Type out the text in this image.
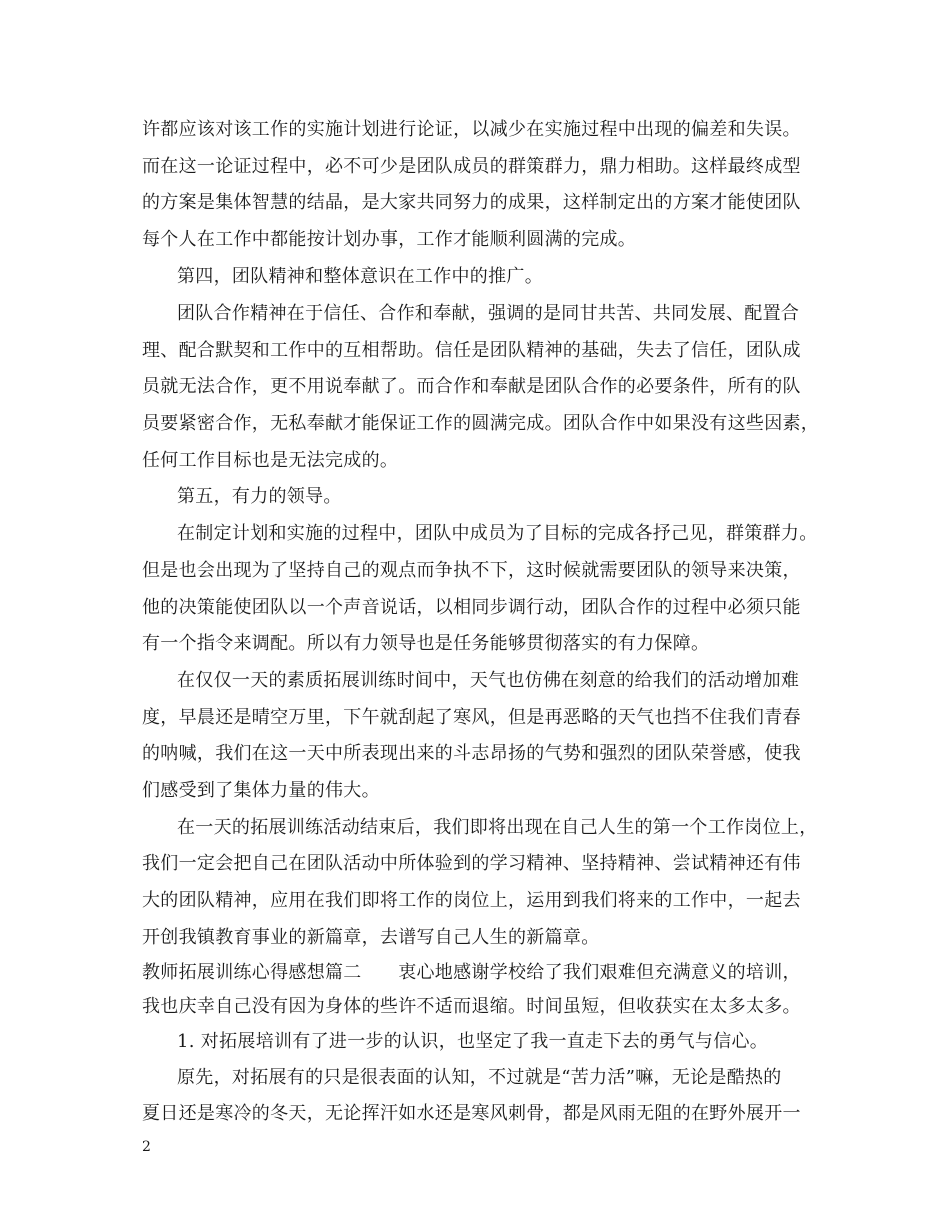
许都应该对该工作的实施计划进行论证，以减少在实施过程中出现的偏差和失误。
而在这一论证过程中，必不可少是团队成员的群策群力，鼎力相助。这样最终成型
的方案是集体智慧的结晶，是大家共同努力的成果，这样制定出的方案才能使团队
每个人在工作中都能按计划办事，工作才能顺利圆满的完成。
第四，团队精神和整体意识在工作中的推广。
团队合作精神在于信任、合作和奉献，强调的是同甘共苦、共同发展、配置合
理、配合默契和工作中的互相帮助。信任是团队精神的基础，失去了信任，团队成
员就无法合作，更不用说奉献了。而合作和奉献是团队合作的必要条件，所有的队
员要紧密合作，无私奉献才能保证工作的圆满完成。团队合作中如果没有这些因素，
任何工作目标也是无法完成的。
第五，有力的领导。
在制定计划和实施的过程中，团队中成员为了目标的完成各抒己见，群策群力。
但是也会出现为了坚持自己的观点而争执不下，这时候就需要团队的领导来决策，
他的决策能使团队以一个声音说话，以相同步调行动，团队合作的过程中必须只能
有一个指令来调配。所以有力领导也是任务能够贯彻落实的有力保障。
在仅仅一天的素质拓展训练时间中，天气也仿佛在刻意的给我们的活动增加难
度，早晨还是晴空万里，下午就刮起了寒风，但是再恶略的天气也挡不住我们青春
的呐喊，我们在这一天中所表现出来的斗志昂扬的气势和强烈的团队荣誉感，使我
们感受到了集体力量的伟大。
在一天的拓展训练活动结束后，我们即将出现在自己人生的第一个工作岗位上，
我们一定会把自己在团队活动中所体验到的学习精神、坚持精神、尝试精神还有伟
大的团队精神，应用在我们即将工作的岗位上，运用到我们将来的工作中，一起去
开创我镇教育事业的新篇章，去谱写自己人生的新篇章。
教师拓展训练心得感想篇二　　衷心地感谢学校给了我们艰难但充满意义的培训，
我也庆幸自己没有因为身体的些许不适而退缩。时间虽短，但收获实在太多太多。
1. 对拓展培训有了进一步的认识，也坚定了我一直走下去的勇气与信心。
原先，对拓展有的只是很表面的认知，不过就是“苦力活”嘛，无论是酷热的
夏日还是寒冷的冬天，无论挥汗如水还是寒风刺骨，都是风雨无阻的在野外展开一
2
